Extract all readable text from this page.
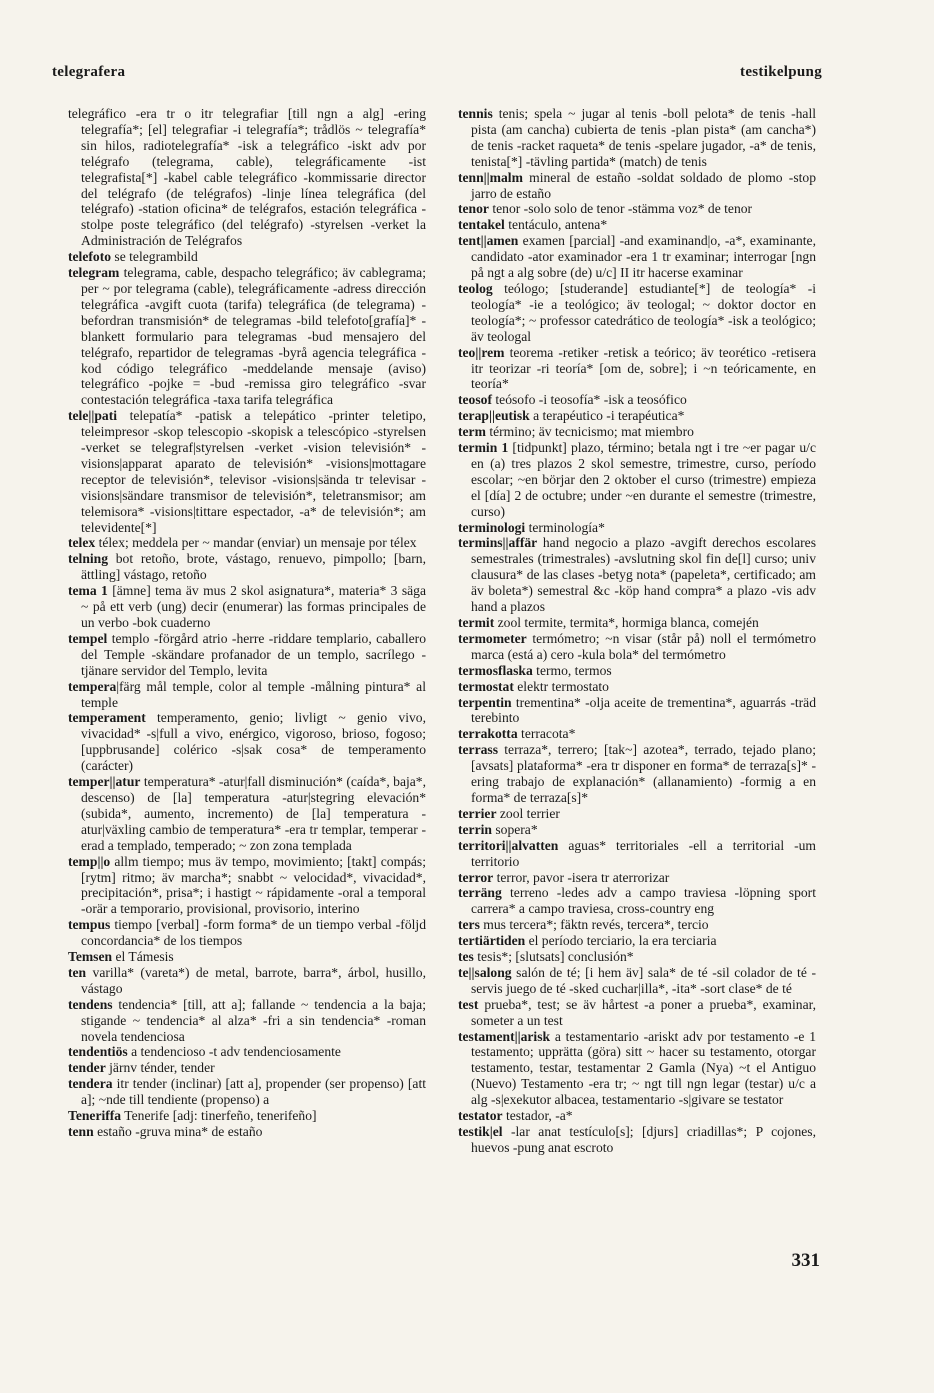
telegrafera	testikelpung

telegráfico -era tr o itr telegrafiar [till ngn a alg] -ering telegrafía*; [el] telegrafiar -i telegrafía*; trådlös ~ telegrafía* sin hilos, radiotelegrafía* -isk a telegráfico -iskt adv por telégrafo (telegrama, cable), telegráficamente -ist telegrafista[*] -kabel cable telegráfico -kommissarie director del telégrafo (de telégrafos) -linje línea telegráfica (del telégrafo) -station oficina* de telégrafos, estación telegráfica -stolpe poste telegráfico (del telégrafo) -styrelsen -verket la Administración de Telégrafos

telefoto se telegrambild

telegram telegrama, cable, despacho telegráfico; äv cablegrama; per ~ por telegrama (cable), telegráficamente -adress dirección telegráfica -avgift cuota (tarifa) telegráfica (de telegrama) -befordran transmisión* de telegramas -bild telefoto[grafía]* -blankett formulario para telegramas -bud mensajero del telégrafo, repartidor de telegramas -byrå agencia telegráfica -kod código telegráfico -meddelande mensaje (aviso) telegráfico -pojke = -bud -remissa giro telegráfico -svar contestación telegráfica -taxa tarifa telegráfica

tele||pati telepatía* -patisk a telepático -printer teletipo, teleimpresor -skop telescopio -skopisk a telescópico -styrelsen -verket se telegraf|styrelsen -verket -vision televisión* -visions|apparat aparato de televisión* -visions|mottagare receptor de televisión*, televisor -visions|sända tr televisar -visions|sändare transmisor de televisión*, teletransmisor; am telemisora* -visions|tittare espectador, -a* de televisión*; am televidente[*]

telex télex; meddela per ~ mandar (enviar) un mensaje por télex

telning bot retoño, brote, vástago, renuevo, pimpollo; [barn, ättling] vástago, retoño

tema 1 [ämne] tema äv mus 2 skol asignatura*, materia* 3 säga ~ på ett verb (ung) decir (enumerar) las formas principales de un verbo -bok cuaderno

tempel templo -förgård atrio -herre -riddare templario, caballero del Temple -skändare profanador de un templo, sacrílego -tjänare servidor del Templo, levita

tempera|färg mål temple, color al temple -målning pintura* al temple

temperament temperamento, genio; livligt ~ genio vivo, vivacidad* -s|full a vivo, enérgico, vigoroso, brioso, fogoso; [uppbrusande] colérico -s|sak cosa* de temperamento (carácter)

temper||atur temperatura* -atur|fall disminución* (caída*, baja*, descenso) de [la] temperatura -atur|stegring elevación* (subida*, aumento, incremento) de [la] temperatura -atur|växling cambio de temperatura* -era tr templar, temperar -erad a templado, temperado; ~ zon zona templada

temp||o allm tiempo; mus äv tempo, movimiento; [takt] compás; [rytm] ritmo; äv marcha*; snabbt ~ velocidad*, vivacidad*, precipitación*, prisa*; i hastigt ~ rápidamente -oral a temporal -orär a temporario, provisional, provisorio, interino

tempus tiempo [verbal] -form forma* de un tiempo verbal -följd concordancia* de los tiempos

Temsen el Támesis

ten varilla* (vareta*) de metal, barrote, barra*, árbol, husillo, vástago

tendens tendencia* [till, att a]; fallande ~ tendencia a la baja; stigande ~ tendencia* al alza* -fri a sin tendencia* -roman novela tendenciosa

tendentiös a tendencioso -t adv tendenciosamente

tender järnv ténder, tender

tendera itr tender (inclinar) [att a], propender (ser propenso) [att a]; ~nde till tendiente (propenso) a

Teneriffa Tenerife [adj: tinerfeño, tenerifeño]

tenn estaño -gruva mina* de estaño

tennis tenis; spela ~ jugar al tenis -boll pelota* de tenis -hall pista (am cancha) cubierta de tenis -plan pista* (am cancha*) de tenis -racket raqueta* de tenis -spelare jugador, -a* de tenis, tenista[*] -tävling partida* (match) de tenis

tenn||malm mineral de estaño -soldat soldado de plomo -stop jarro de estaño

tenor tenor -solo solo de tenor -stämma voz* de tenor

tentakel tentáculo, antena*

tent||amen examen [parcial] -and examinand|o, -a*, examinante, candidato -ator examinador -era 1 tr examinar; interrogar [ngn på ngt a alg sobre (de) u/c] II itr hacerse examinar

teolog teólogo; [studerande] estudiante[*] de teología* -i teología* -ie a teológico; äv teologal; ~ doktor doctor en teología*; ~ professor catedrático de teología* -isk a teológico; äv teologal

teo||rem teorema -retiker -retisk a teórico; äv teorético -retisera itr teorizar -ri teoría* [om de, sobre]; i ~n teóricamente, en teoría*

teosof teósofo -i teosofía* -isk a teosófico

terap||eutisk a terapéutico -i terapéutica*

term término; äv tecnicismo; mat miembro

termin 1 [tidpunkt] plazo, término; betala ngt i tre ~er pagar u/c en (a) tres plazos 2 skol semestre, trimestre, curso, período escolar; ~en börjar den 2 oktober el curso (trimestre) empieza el [día] 2 de octubre; under ~en durante el semestre (trimestre, curso)

terminologi terminología*

termins||affär hand negocio a plazo -avgift derechos escolares semestrales (trimestrales) -avslutning skol fin de[l] curso; univ clausura* de las clases -betyg nota* (papeleta*, certificado; am äv boleta*) semestral &c -köp hand compra* a plazo -vis adv hand a plazos

termit zool termite, termita*, hormiga blanca, comején

termometer termómetro; ~n visar (står på) noll el termómetro marca (está a) cero -kula bola* del termómetro

termosflaska termo, termos

termostat elektr termostato

terpentin trementina* -olja aceite de trementina*, aguarrás -träd terebinto

terrakotta terracota*

terrass terraza*, terrero; [tak~] azotea*, terrado, tejado plano; [avsats] plataforma* -era tr disponer en forma* de terraza[s]* -ering trabajo de explanación* (allanamiento) -formig a en forma* de terraza[s]*

terrier zool terrier

terrin sopera*

territori||alvatten aguas* territoriales -ell a territorial -um territorio

terror terror, pavor -isera tr aterrorizar

terräng terreno -ledes adv a campo traviesa -löpning sport carrera* a campo traviesa, cross-country eng

ters mus tercera*; fäktn revés, tercera*, tercio

tertiärtiden el período terciario, la era terciaria

tes tesis*; [slutsats] conclusión*

te||salong salón de té; [i hem äv] sala* de té -sil colador de té -servis juego de té -sked cuchar|illa*, -ita* -sort clase* de té

test prueba*, test; se äv hårtest -a poner a prueba*, examinar, someter a un test

testament||arisk a testamentario -ariskt adv por testamento -e 1 testamento; upprätta (göra) sitt ~ hacer su testamento, otorgar testamento, testar, testamentar 2 Gamla (Nya) ~t el Antiguo (Nuevo) Testamento -era tr; ~ ngt till ngn legar (testar) u/c a alg -s|exekutor albacea, testamentario -s|givare se testator

testator testador, -a*

testik|el -lar anat testículo[s]; [djurs] criadillas*; P cojones, huevos -pung anat escroto

331
